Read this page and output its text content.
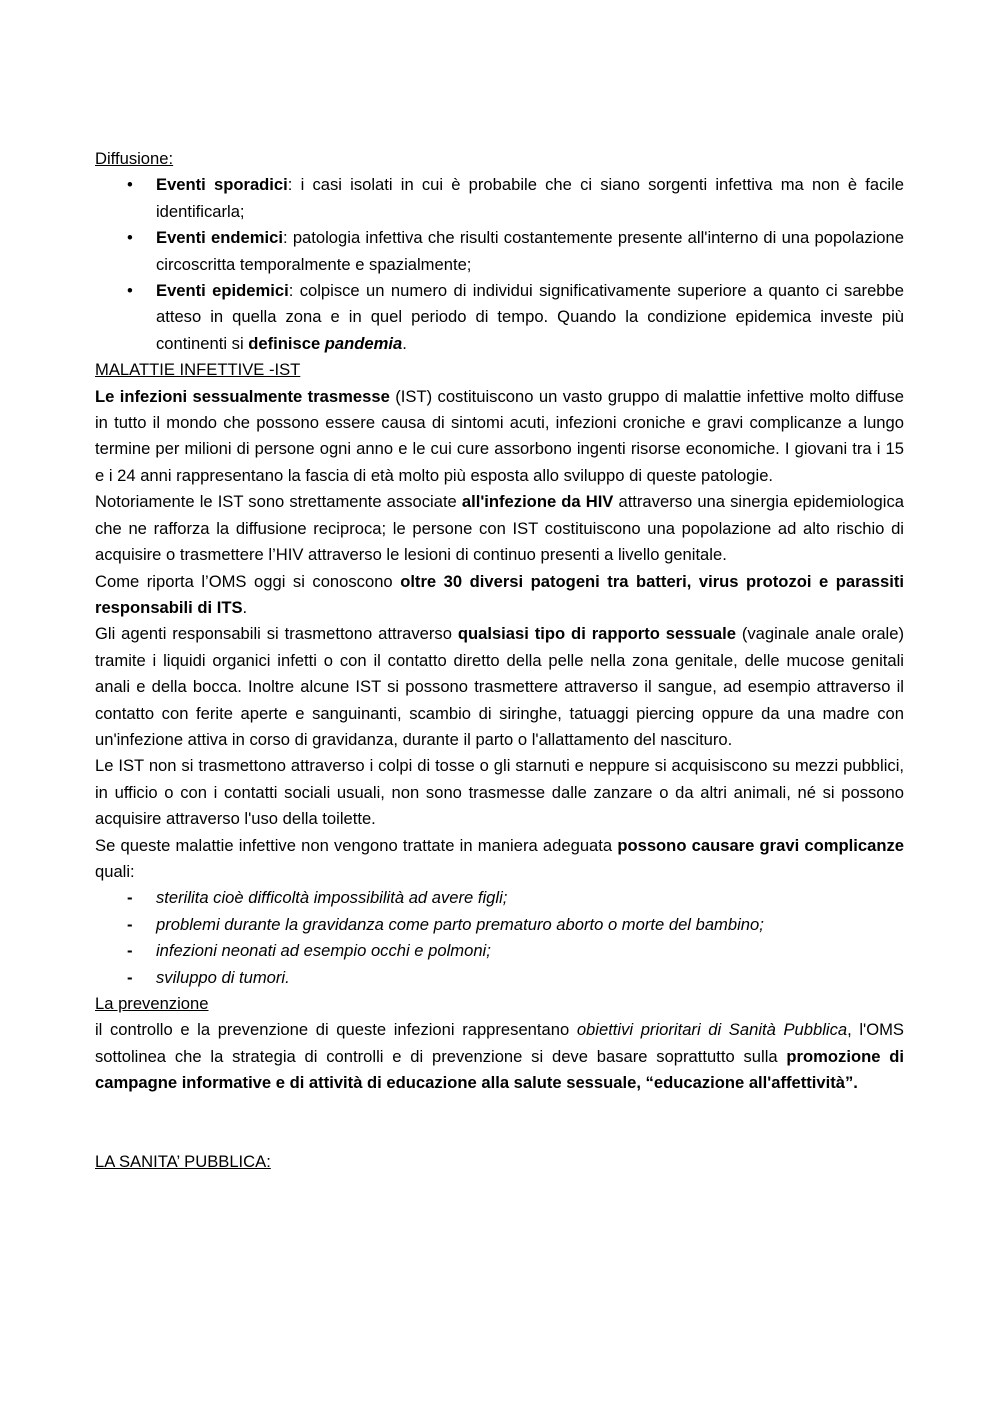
Diffusione:

• Eventi sporadici: i casi isolati in cui è probabile che ci siano sorgenti infettiva ma non è facile identificarla;
• Eventi endemici: patologia infettiva che risulti costantemente presente all'interno di una popolazione circoscritta temporalmente e spazialmente;
• Eventi epidemici: colpisce un numero di individui significativamente superiore a quanto ci sarebbe atteso in quella zona e in quel periodo di tempo. Quando la condizione epidemica investe più continenti si definisce pandemia.

MALATTIE INFETTIVE -IST

Le infezioni sessualmente trasmesse (IST) costituiscono un vasto gruppo di malattie infettive molto diffuse in tutto il mondo che possono essere causa di sintomi acuti, infezioni croniche e gravi complicanze a lungo termine per milioni di persone ogni anno e le cui cure assorbono ingenti risorse economiche. I giovani tra i 15 e i 24 anni rappresentano la fascia di età molto più esposta allo sviluppo di queste patologie.

Notoriamente le IST sono strettamente associate all'infezione da HIV attraverso una sinergia epidemiologica che ne rafforza la diffusione reciproca; le persone con IST costituiscono una popolazione ad alto rischio di acquisire o trasmettere l’HIV attraverso le lesioni di continuo presenti a livello genitale.

Come riporta l’OMS oggi si conoscono oltre 30 diversi patogeni tra batteri, virus protozoi e parassiti responsabili di ITS.

Gli agenti responsabili si trasmettono attraverso qualsiasi tipo di rapporto sessuale (vaginale anale orale) tramite i liquidi organici infetti o con il contatto diretto della pelle nella zona genitale, delle mucose genitali anali e della bocca. Inoltre alcune IST si possono trasmettere attraverso il sangue, ad esempio attraverso il contatto con ferite aperte e sanguinanti, scambio di siringhe, tatuaggi piercing oppure da una madre con un'infezione attiva in corso di gravidanza, durante il parto o l'allattamento del nascituro.

Le IST non si trasmettono attraverso i colpi di tosse o gli starnuti e neppure si acquisiscono su mezzi pubblici, in ufficio o con i contatti sociali usuali, non sono trasmesse dalle zanzare o da altri animali, né si possono acquisire attraverso l'uso della toilette.

Se queste malattie infettive non vengono trattate in maniera adeguata possono causare gravi complicanze quali:

- sterilita cioè difficoltà impossibilità ad avere figli;
- problemi durante la gravidanza come parto prematuro aborto o morte del bambino;
- infezioni neonati ad esempio occhi e polmoni;
- sviluppo di tumori.

La prevenzione

il controllo e la prevenzione di queste infezioni rappresentano obiettivi prioritari di Sanità Pubblica, l'OMS sottolinea che la strategia di controlli e di prevenzione si deve basare soprattutto sulla promozione di campagne informative e di attività di educazione alla salute sessuale, “educazione all'affettività”.

LA SANITA’ PUBBLICA:
